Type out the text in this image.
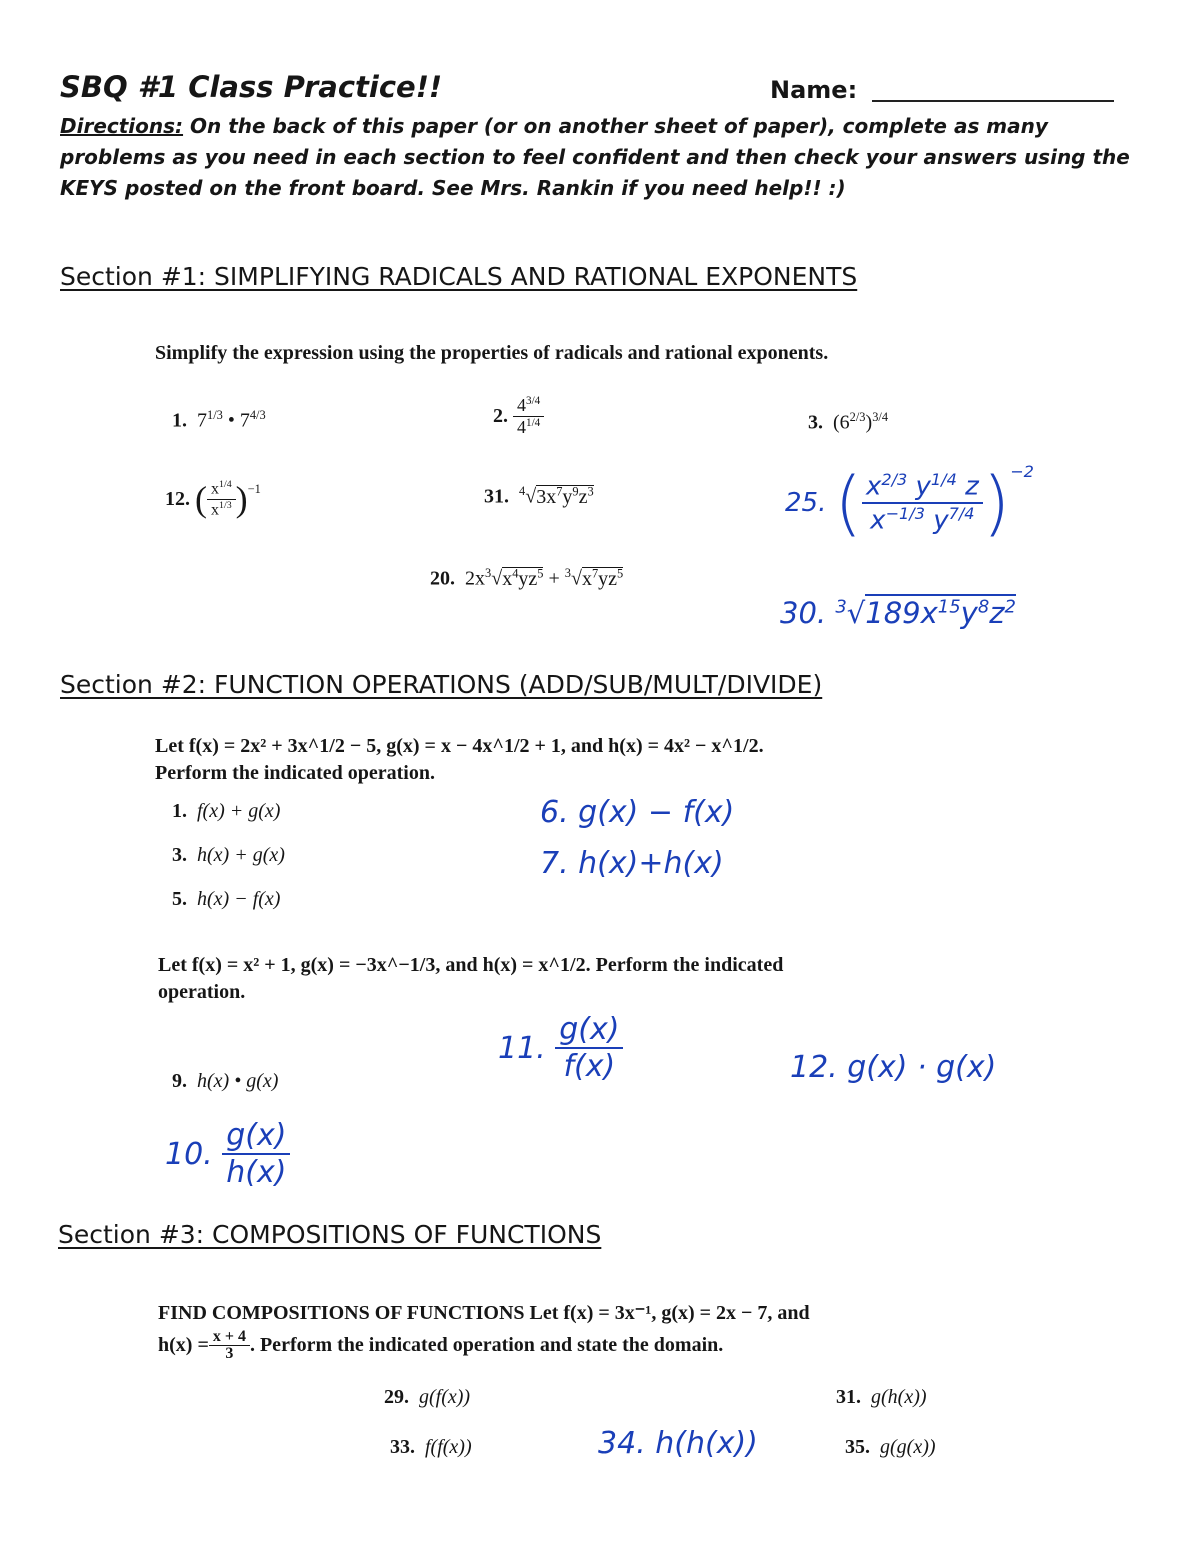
SBQ #1 Class Practice!!	Name:
Directions: On the back of this paper (or on another sheet of paper), complete as many problems as you need in each section to feel confident and then check your answers using the KEYS posted on the front board. See Mrs. Rankin if you need help!! :)
Section #1: SIMPLIFYING RADICALS AND RATIONAL EXPONENTS
Simplify the expression using the properties of radicals and rational exponents.
1. $7^{1/3}$ • $7^{4/3}$	2.
$\frac{4^{3/4}}{4^{1/4}}$	3. $(6^{2/3})^{3/4}$
12.
( $\frac{x^{1/4}}{x^{1/3}} )^{-1}$	31. $^4√3x^7y^9z^3$
20. $2x^3√x^4yz^5 + ^3√x^7yz^5$
25.
( $\frac{x^{2/3} y^{1/4} z}{x^{-1/3} y^{7/4}} )^{-2}$
30. $^3√189x^{15}y^8z^2$
Section #2: FUNCTION OPERATIONS (ADD/SUB/MULT/DIVIDE)
Let f(x) = 2x² + 3x^1/2 − 5, g(x) = x − 4x^1/2 + 1, and h(x) = 4x² − x^1/2.
Perform the indicated operation.
1. f(x) + g(x)
3. h(x) + g(x)
5. h(x) − f(x)
6. g(x) − f(x)
7. h(x)+h(x)
Let f(x) = x² + 1, g(x) = −3x^−1/3, and h(x) = x^1/2. Perform the indicated operation.
9. h(x) • g(x)
11.
$\frac{g(x)}{f(x)}$	12. g(x) · g(x)
10.
$\frac{g(x)}{h(x)}$
Section #3: COMPOSITIONS OF FUNCTIONS
FIND COMPOSITIONS OF FUNCTIONS Let f(x) = 3x⁻¹, g(x) = 2x − 7, and
$h(x) = \frac{x + 4}{3}$ . Perform the indicated operation and state the domain.
29. g(f(x))	31. g(h(x))
33. f(f(x))	35. g(g(x))
34. h(h(x))
